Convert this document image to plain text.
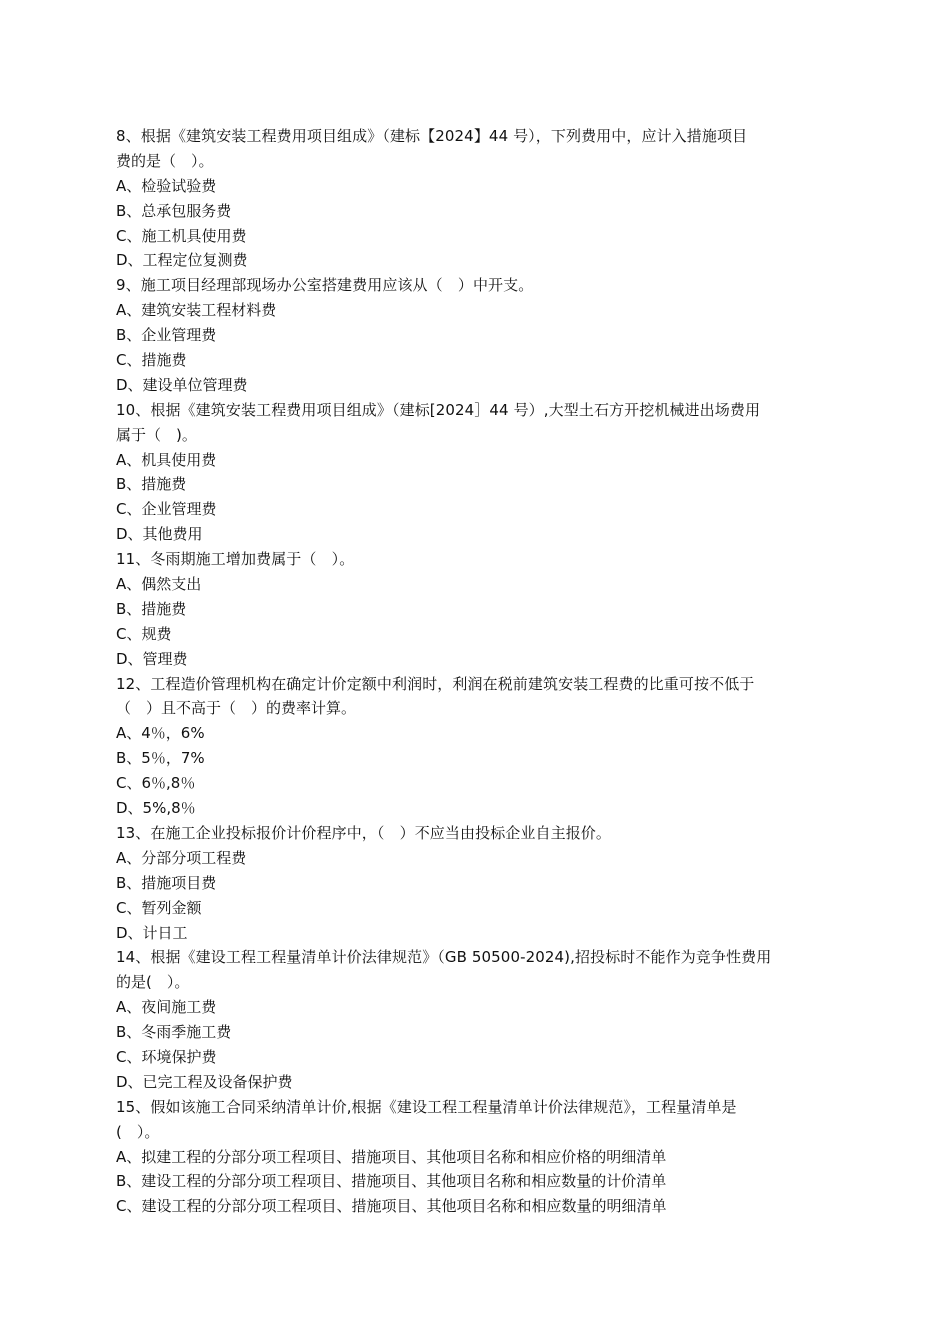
8、根据《建筑安装工程费用项目组成》（建标【2024】44 号），下列费用中，应计入措施项目
费的是（　）。
A、检验试验费
B、总承包服务费
C、施工机具使用费
D、工程定位复测费
9、施工项目经理部现场办公室搭建费用应该从（　）中开支。
A、建筑安装工程材料费
B、企业管理费
C、措施费
D、建设单位管理费
10、根据《建筑安装工程费用项目组成》（建标[2024］44 号）,大型土石方开挖机械进出场费用
属于（　)。
A、机具使用费
B、措施费
C、企业管理费
D、其他费用
11、冬雨期施工增加费属于（　）。
A、偶然支出
B、措施费
C、规费
D、管理费
12、工程造价管理机构在确定计价定额中利润时，利润在税前建筑安装工程费的比重可按不低于
（　）且不高于（　）的费率计算。
A、4％，6%
B、5％，7%
C、6％,8％
D、5%,8％
13、在施工企业投标报价计价程序中，（　）不应当由投标企业自主报价。
A、分部分项工程费
B、措施项目费
C、暂列金额
D、计日工
14、根据《建设工程工程量清单计价法律规范》（GB 50500-2024),招投标时不能作为竞争性费用
的是(　）。
A、夜间施工费
B、冬雨季施工费
C、环境保护费
D、已完工程及设备保护费
15、假如该施工合同采纳清单计价,根据《建设工程工程量清单计价法律规范》，工程量清单是
(　）。
A、拟建工程的分部分项工程项目、措施项目、其他项目名称和相应价格的明细清单
B、建设工程的分部分项工程项目、措施项目、其他项目名称和相应数量的计价清单
C、建设工程的分部分项工程项目、措施项目、其他项目名称和相应数量的明细清单
